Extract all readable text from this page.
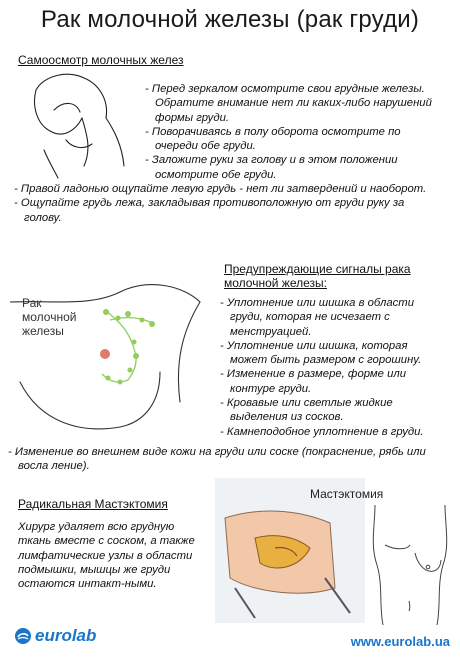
Рак молочной железы (рак груди)
Самоосмотр молочных желез
- Перед зеркалом осмотрите свои грудные железы. Обратите внимание нет ли каких-либо нарушений формы груди.
- Поворачиваясь в полу оборота осмотрите по очереди обе груди.
- Заложите руки за голову и в этом положении осмотрите обе груди.
- Правой ладонью ощупайте левую грудь - нет ли затвердений и наоборот.
- Ощупайте грудь лежа, закладывая противоположную от груди руку за голову.
Рак молочной железы
Предупреждающие сигналы рака
молочной железы:
- Уплотнение или шишка в области груди, которая не исчезает с менструацией.
- Уплотнение или шишка, которая может быть размером с горошину.
- Изменение в размере, форме или контуре груди.
- Кровавые или светлые жидкие выделения из сосков.
- Камнеподобное уплотнение в груди.
- Изменение во внешнем виде кожи на груди или соске (покраснение, рябь или восла ление).
Радикальная Мастэктомия
Хирург удаляет всю грудную ткань вместе с соском, а также лимфатические узлы в области подмышки, мышцы же груди остаются интакт-ными.
Мастэктомия
eurolab	www.eurolab.ua
